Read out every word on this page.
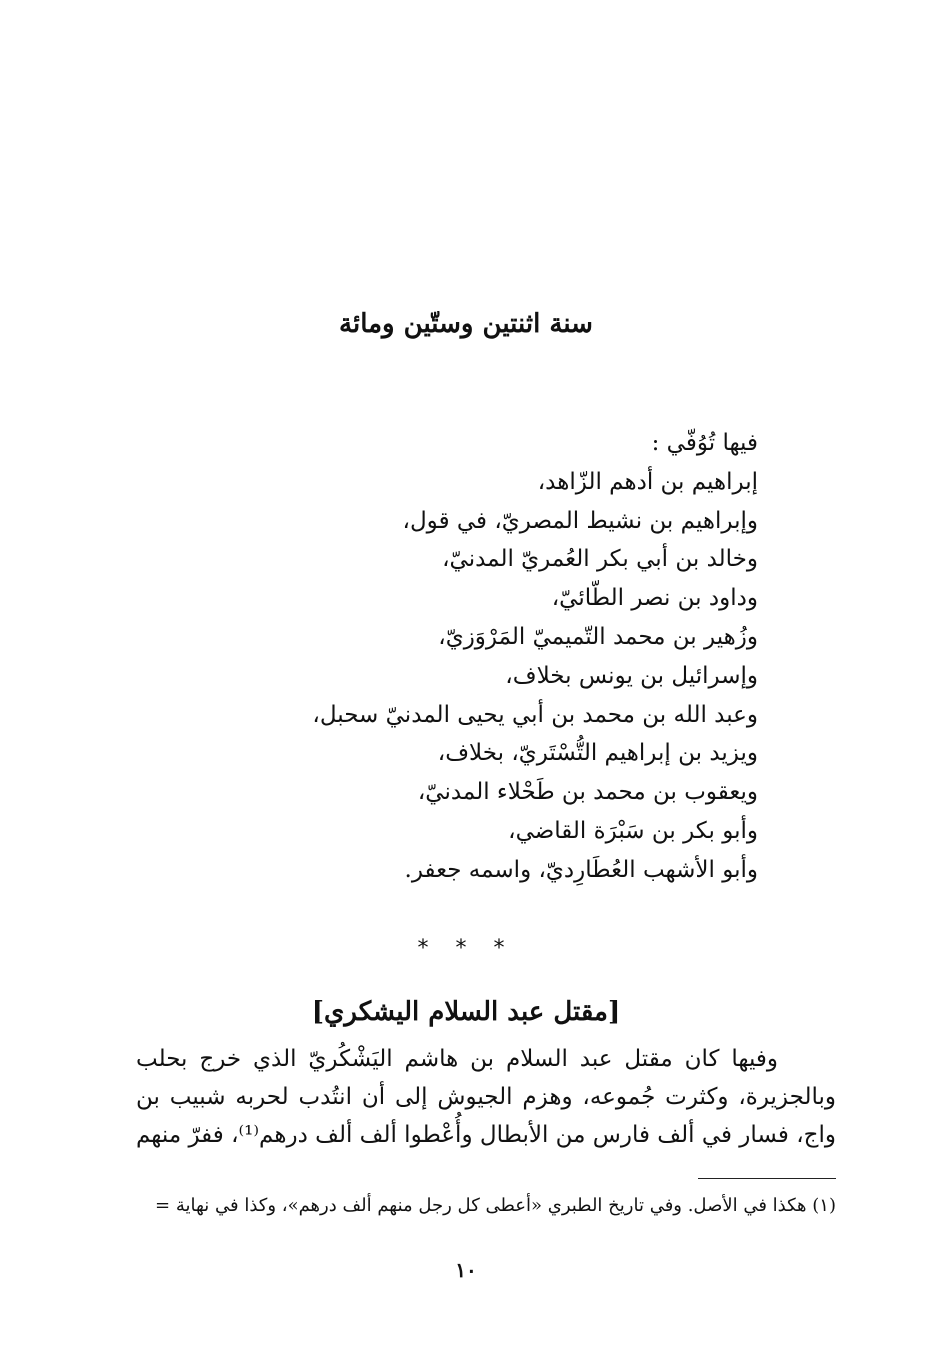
سنة اثنتين وستّين ومائة
فيها تُوُفّي :
إبراهيم بن أدهم الزّاهد،
وإبراهيم بن نشيط المصريّ، في قول،
وخالد بن أبي بكر العُمريّ المدنيّ،
وداود بن نصر الطّائيّ،
وزُهير بن محمد التّميميّ المَرْوَزيّ،
وإسرائيل بن يونس بخلاف،
وعبد الله بن محمد بن أبي يحيى المدنيّ سحبل،
ويزيد بن إبراهيم التُّسْتَريّ، بخلاف،
ويعقوب بن محمد بن طَحْلاء المدنيّ،
وأبو بكر بن سَبْرَة القاضي،
وأبو الأشهب العُطَارِديّ، واسمه جعفر.
* * *
[مقتل عبد السلام اليشكري]

وفيها كان مقتل عبد السلام بن هاشم اليَشْكُريّ الذي خرج بحلب
وبالجزيرة، وكثرت جُموعه، وهزم الجيوش إلى أن انتُدب لحربه شبيب بن
واج، فسار في ألف فارس من الأبطال وأُعْطوا ألف ألف درهم⁽¹⁾، ففرّ منهم

(١) هكذا في الأصل. وفي تاريخ الطبري «أعطى كل رجل منهم ألف درهم»، وكذا في نهاية =

١٠
